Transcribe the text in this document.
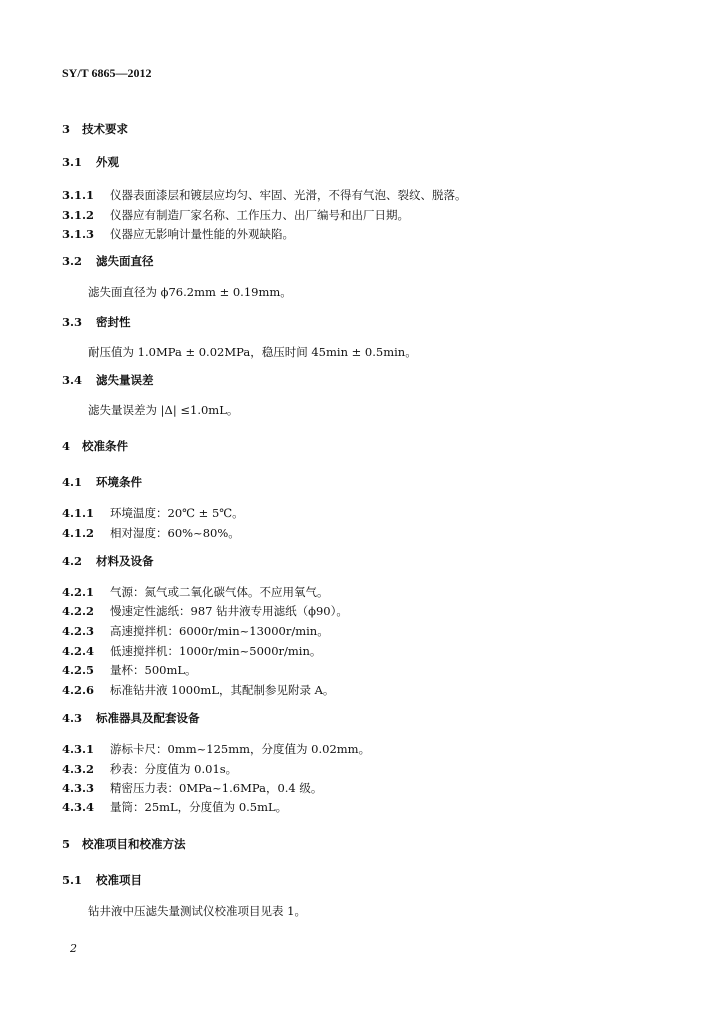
SY/T 6865—2012
3 技术要求
3.1 外观
3.1.1 仪器表面漆层和镀层应均匀、牢固、光滑，不得有气泡、裂纹、脱落。
3.1.2 仪器应有制造厂家名称、工作压力、出厂编号和出厂日期。
3.1.3 仪器应无影响计量性能的外观缺陷。
3.2 滤失面直径
滤失面直径为 ϕ76.2mm ± 0.19mm。
3.3 密封性
耐压值为 1.0MPa ± 0.02MPa，稳压时间 45min ± 0.5min。
3.4 滤失量误差
滤失量误差为 |Δ| ≤1.0mL。
4 校准条件
4.1 环境条件
4.1.1 环境温度：20℃ ± 5℃。
4.1.2 相对湿度：60%~80%。
4.2 材料及设备
4.2.1 气源：氮气或二氧化碳气体。不应用氧气。
4.2.2 慢速定性滤纸：987 钻井液专用滤纸（ϕ90）。
4.2.3 高速搅拌机：6000r/min~13000r/min。
4.2.4 低速搅拌机：1000r/min~5000r/min。
4.2.5 量杯：500mL。
4.2.6 标准钻井液 1000mL，其配制参见附录 A。
4.3 标准器具及配套设备
4.3.1 游标卡尺：0mm~125mm，分度值为 0.02mm。
4.3.2 秒表：分度值为 0.01s。
4.3.3 精密压力表：0MPa~1.6MPa，0.4 级。
4.3.4 量筒：25mL，分度值为 0.5mL。
5 校准项目和校准方法
5.1 校准项目
钻井液中压滤失量测试仪校准项目见表 1。
2
